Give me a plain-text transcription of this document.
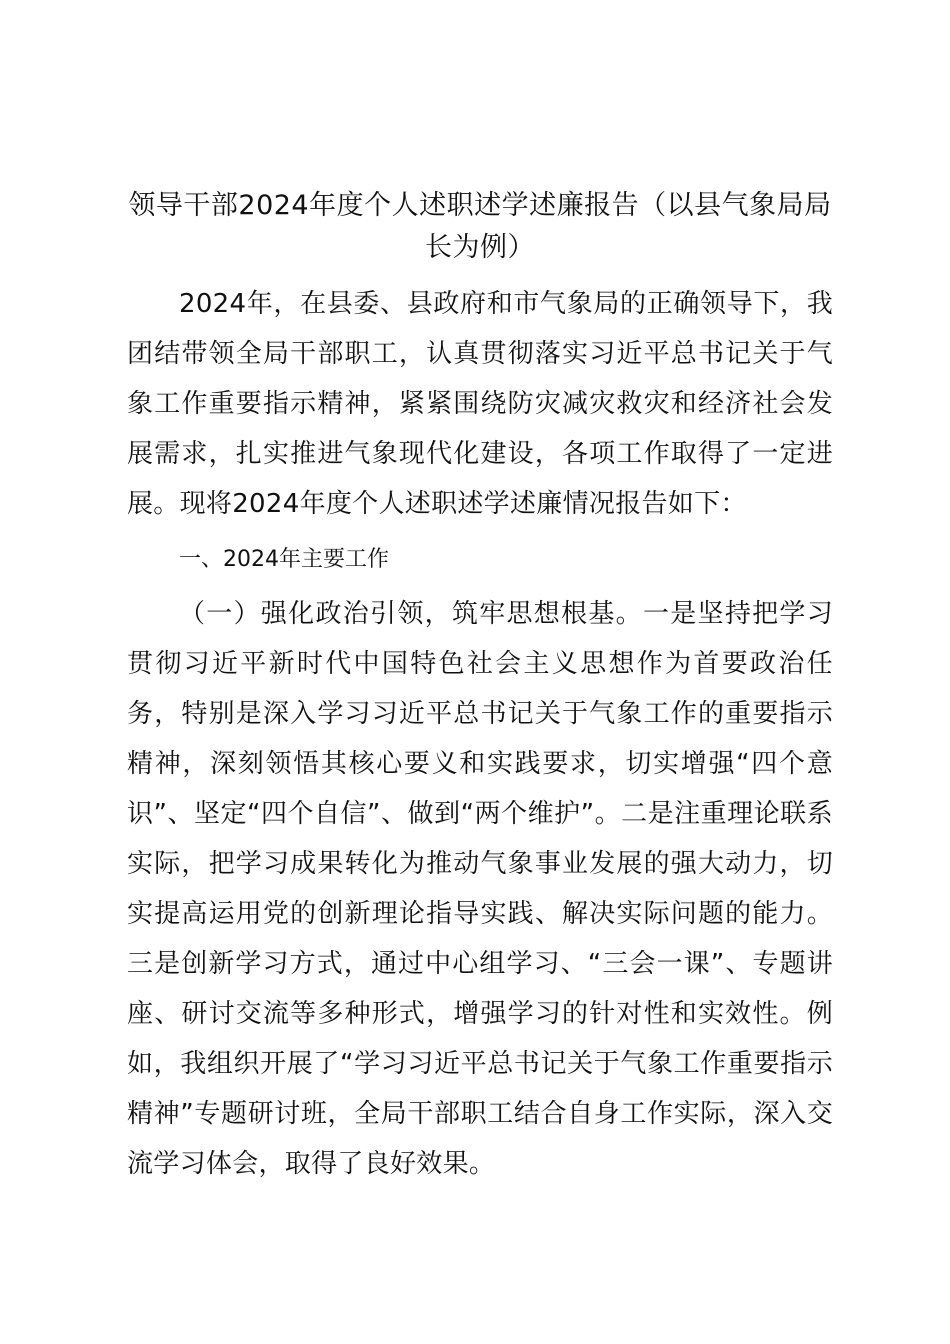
领导干部2024年度个人述职述学述廉报告（以县气象局局长为例）

2024年，在县委、县政府和市气象局的正确领导下，我团结带领全局干部职工，认真贯彻落实习近平总书记关于气象工作重要指示精神，紧紧围绕防灾减灾救灾和经济社会发展需求，扎实推进气象现代化建设，各项工作取得了一定进展。现将2024年度个人述职述学述廉情况报告如下：

一、2024年主要工作

（一）强化政治引领，筑牢思想根基。一是坚持把学习贯彻习近平新时代中国特色社会主义思想作为首要政治任务，特别是深入学习习近平总书记关于气象工作的重要指示精神，深刻领悟其核心要义和实践要求，切实增强“四个意识”、坚定“四个自信”、做到“两个维护”。二是注重理论联系实际，把学习成果转化为推动气象事业发展的强大动力，切实提高运用党的创新理论指导实践、解决实际问题的能力。三是创新学习方式，通过中心组学习、“三会一课”、专题讲座、研讨交流等多种形式，增强学习的针对性和实效性。例如，我组织开展了“学习习近平总书记关于气象工作重要指示精神”专题研讨班，全局干部职工结合自身工作实际，深入交流学习体会，取得了良好效果。
